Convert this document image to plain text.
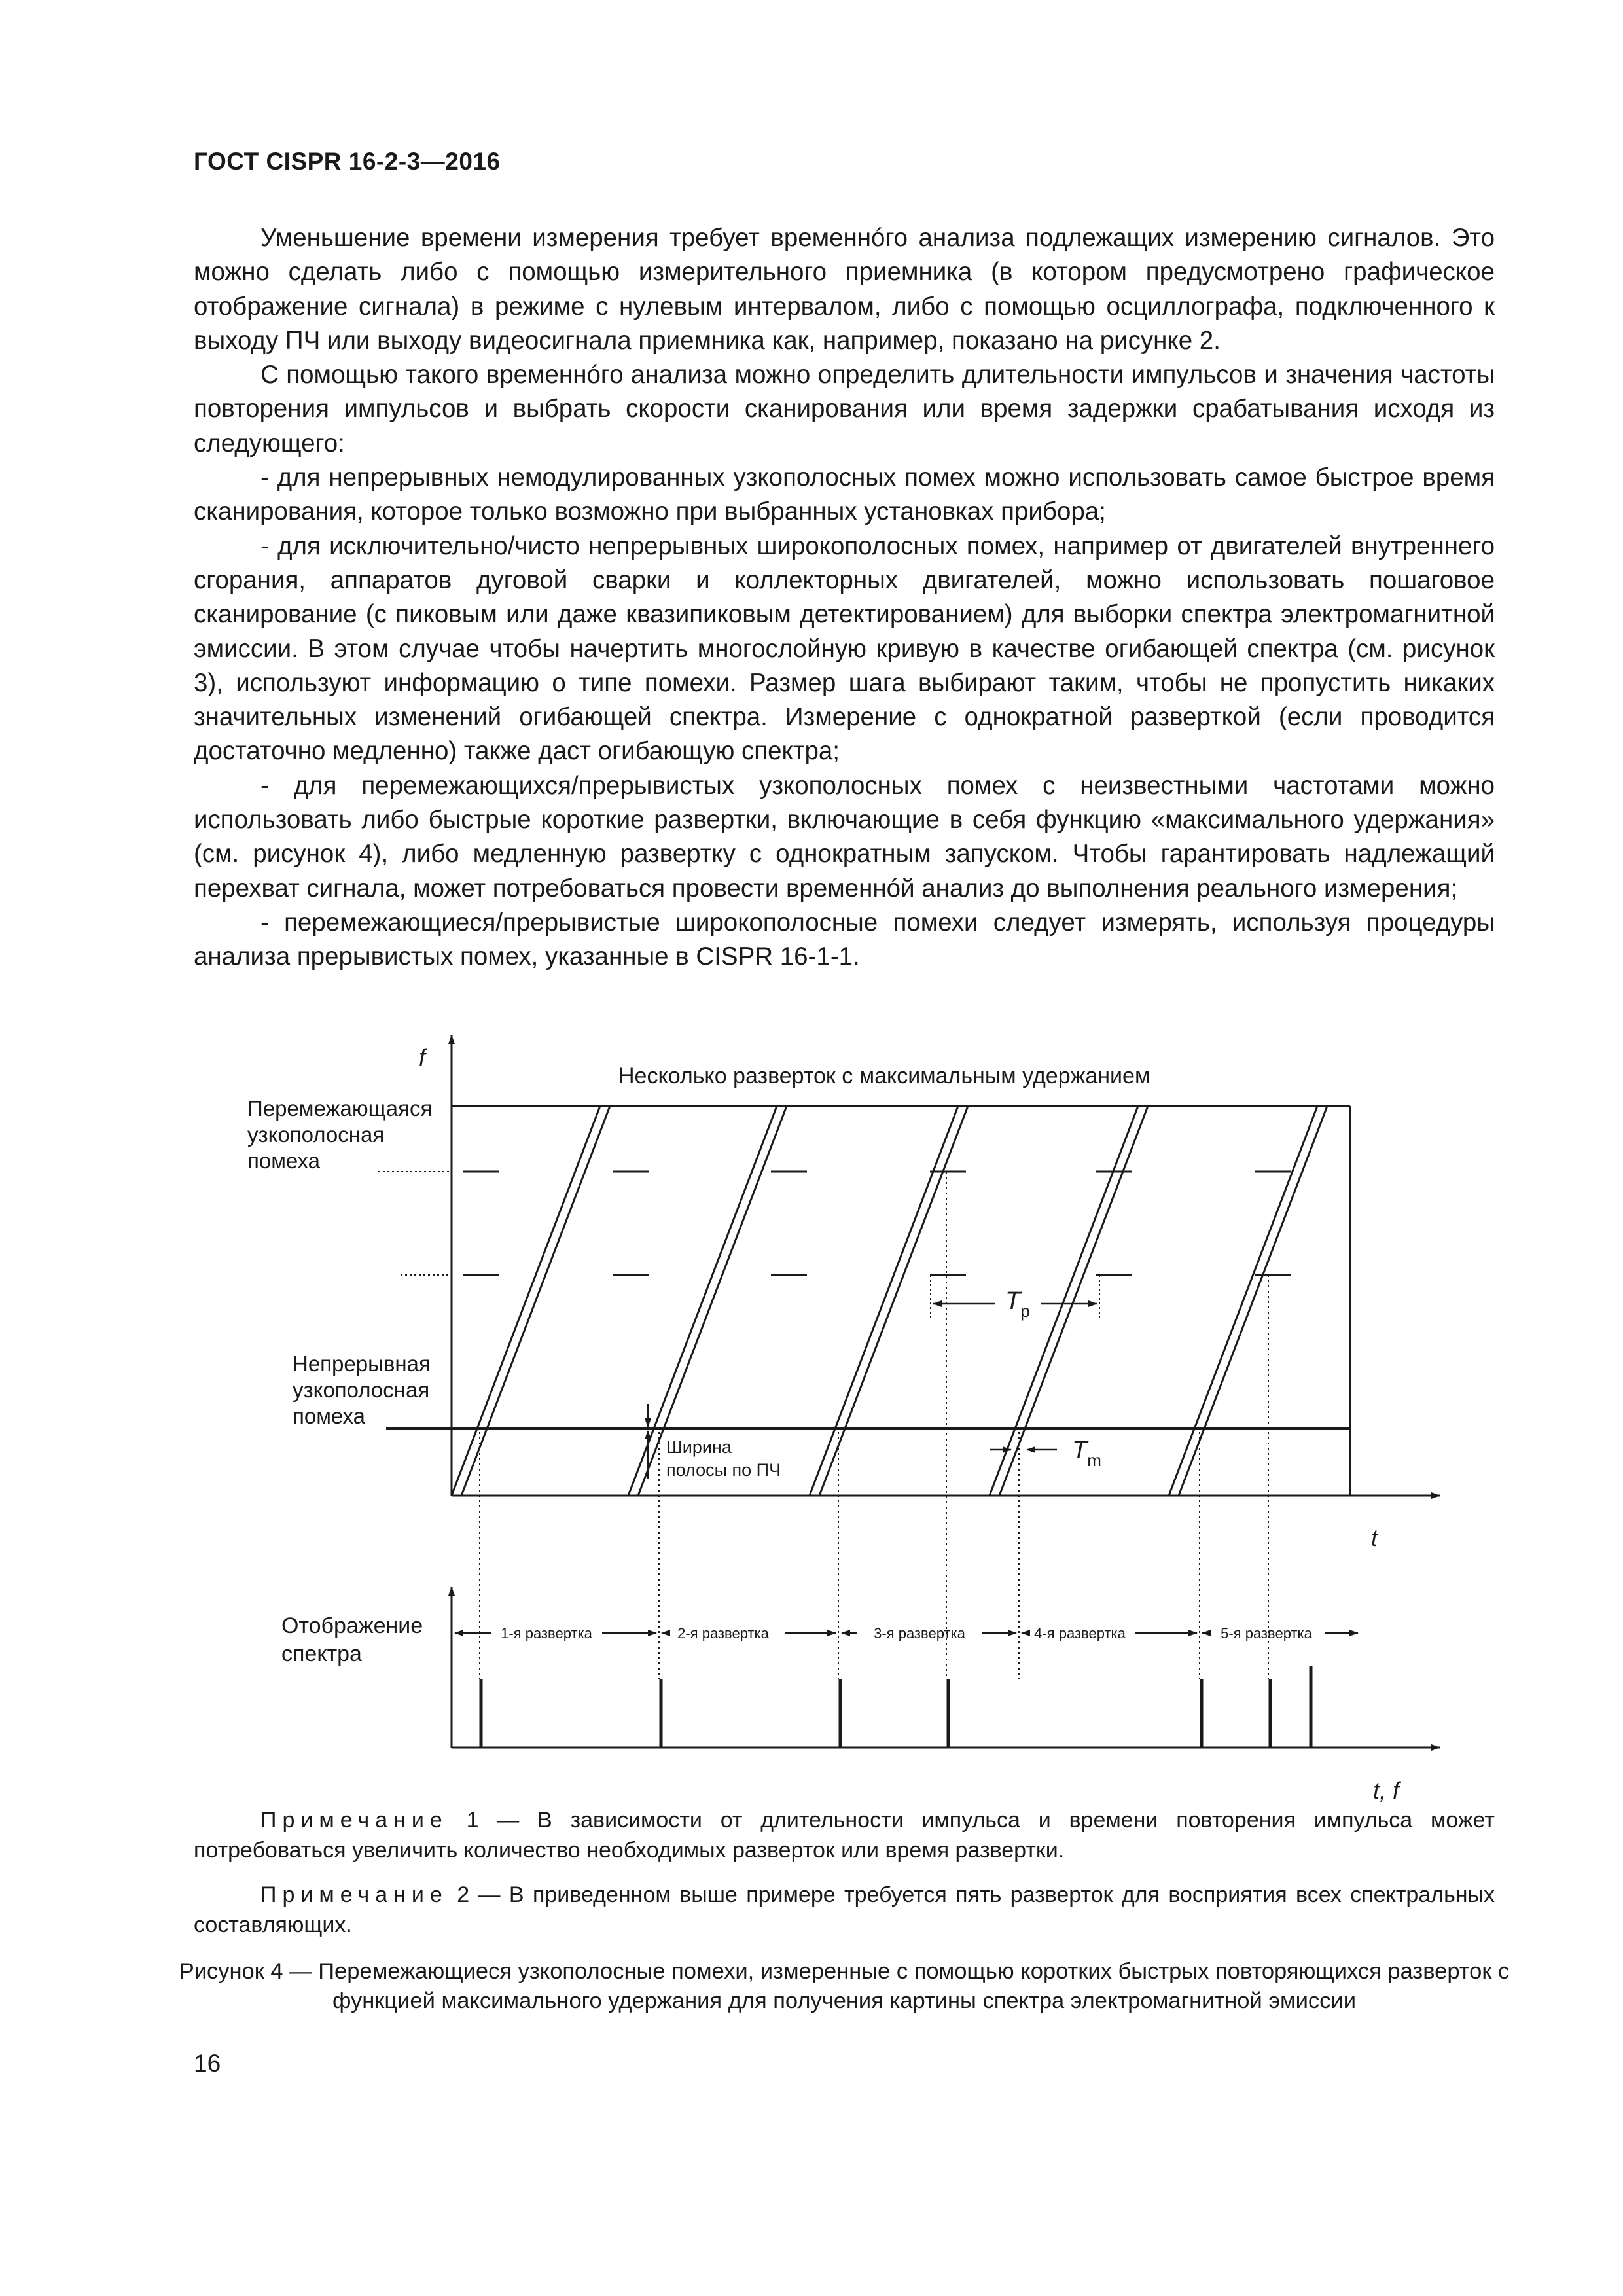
ГОСТ CISPR 16-2-3—2016

Уменьшение времени измерения требует временнóго анализа подлежащих измерению сигналов. Это можно сделать либо с помощью измерительного приемника (в котором предусмотрено графическое отображение сигнала) в режиме с нулевым интервалом, либо с помощью осциллографа, подключенного к выходу ПЧ или выходу видеосигнала приемника как, например, показано на рисунке 2.

С помощью такого временнóго анализа можно определить длительности импульсов и значения частоты повторения импульсов и выбрать скорости сканирования или время задержки срабатывания исходя из следующего:

- для непрерывных немодулированных узкополосных помех можно использовать самое быстрое время сканирования, которое только возможно при выбранных установках прибора;

- для исключительно/чисто непрерывных широкополосных помех, например от двигателей внутреннего сгорания, аппаратов дуговой сварки и коллекторных двигателей, можно использовать пошаговое сканирование (с пиковым или даже квазипиковым детектированием) для выборки спектра электромагнитной эмиссии. В этом случае чтобы начертить многослойную кривую в качестве огибающей спектра (см. рисунок 3), используют информацию о типе помехи. Размер шага выбирают таким, чтобы не пропустить никаких значительных изменений огибающей спектра. Измерение с однократной разверткой (если проводится достаточно медленно) также даст огибающую спектра;

- для перемежающихся/прерывистых узкополосных помех с неизвестными частотами можно использовать либо быстрые короткие развертки, включающие в себя функцию «максимального удержания» (см. рисунок 4), либо медленную развертку с однократным запуском. Чтобы гарантировать надлежащий перехват сигнала, может потребоваться провести временнóй анализ до выполнения реального измерения;

- перемежающиеся/прерывистые широкополосные помехи следует измерять, используя процедуры анализа прерывистых помех, указанные в CISPR 16-1-1.

f
Несколько разверток с максимальным удержанием
Перемежающаяся
узкополосная
помеха
Непрерывная
узкополосная
помеха
Ширина
полосы по ПЧ
$T_p$
$T_m$
t
Отображение
спектра
1-я развертка	2-я развертка	3-я развертка	4-я развертка	5-я развертка
t, f

Примечание 1 — В зависимости от длительности импульса и времени повторения импульса может потребоваться увеличить количество необходимых разверток или время развертки.

Примечание 2 — В приведенном выше примере требуется пять разверток для восприятия всех спектральных составляющих.

Рисунок 4 — Перемежающиеся узкополосные помехи, измеренные с помощью коротких быстрых повторяющихся разверток с функцией максимального удержания для получения картины спектра электромагнитной эмиссии
16
